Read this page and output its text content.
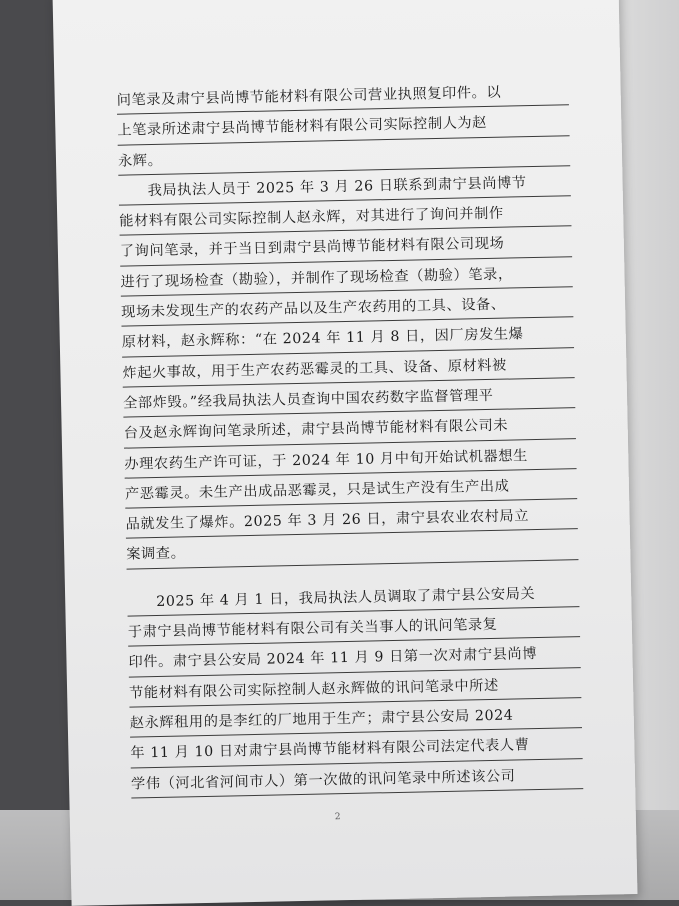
问笔录及肃宁县尚博节能材料有限公司营业执照复印件。以
上笔录所述肃宁县尚博节能材料有限公司实际控制人为赵
永辉。
我局执法人员于 2025 年 3 月 26 日联系到肃宁县尚博节
能材料有限公司实际控制人赵永辉，对其进行了询问并制作
了询问笔录，并于当日到肃宁县尚博节能材料有限公司现场
进行了现场检查（勘验），并制作了现场检查（勘验）笔录，
现场未发现生产的农药产品以及生产农药用的工具、设备、
原材料，赵永辉称：“在 2024 年 11 月 8 日，因厂房发生爆
炸起火事故，用于生产农药恶霉灵的工具、设备、原材料被
全部炸毁。”经我局执法人员查询中国农药数字监督管理平
台及赵永辉询问笔录所述，肃宁县尚博节能材料有限公司未
办理农药生产许可证，于 2024 年 10 月中旬开始试机器想生
产恶霉灵。未生产出成品恶霉灵，只是试生产没有生产出成
品就发生了爆炸。2025 年 3 月 26 日，肃宁县农业农村局立
案调查。
2025 年 4 月 1 日，我局执法人员调取了肃宁县公安局关
于肃宁县尚博节能材料有限公司有关当事人的讯问笔录复
印件。肃宁县公安局 2024 年 11 月 9 日第一次对肃宁县尚博
节能材料有限公司实际控制人赵永辉做的讯问笔录中所述
赵永辉租用的是李红的厂地用于生产；肃宁县公安局 2024
年 11 月 10 日对肃宁县尚博节能材料有限公司法定代表人曹
学伟（河北省河间市人）第一次做的讯问笔录中所述该公司
2
